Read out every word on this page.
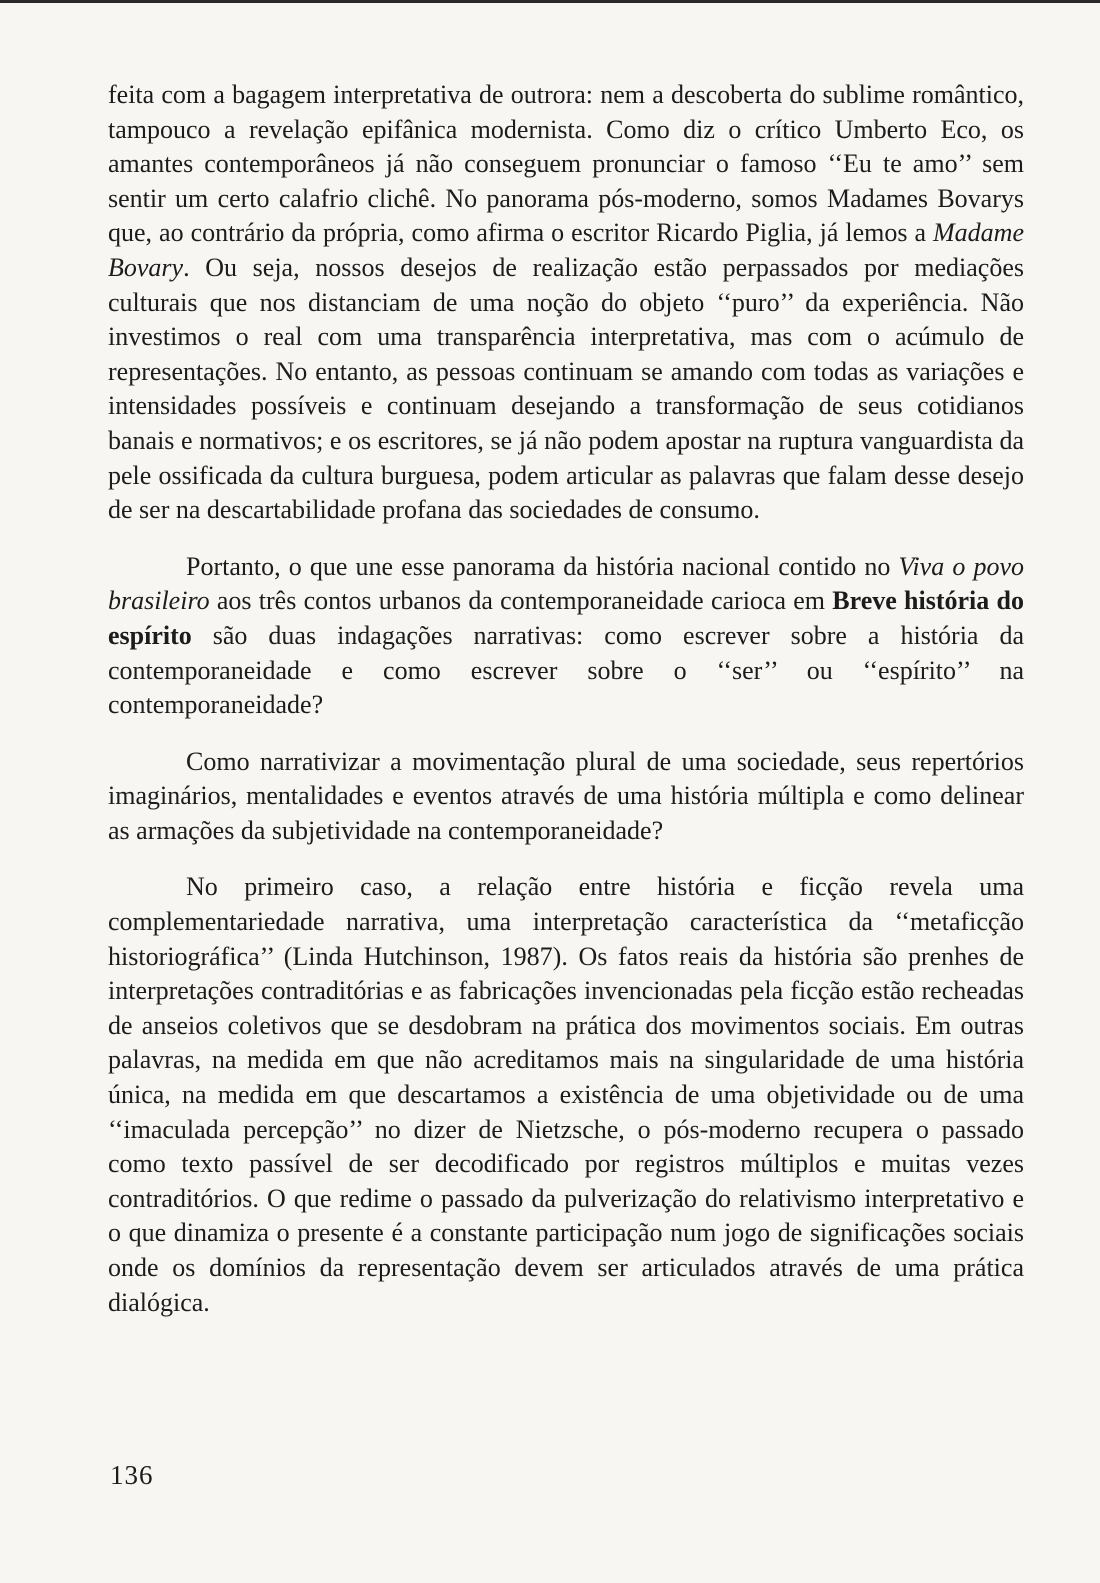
feita com a bagagem interpretativa de outrora: nem a descoberta do sublime romântico, tampouco a revelação epifânica modernista. Como diz o crítico Umberto Eco, os amantes contemporâneos já não conseguem pronunciar o famoso ‘‘Eu te amo’’ sem sentir um certo calafrio clichê. No panorama pós-moderno, somos Madames Bovarys que, ao contrário da própria, como afirma o escritor Ricardo Piglia, já lemos a Madame Bovary. Ou seja, nossos desejos de realização estão perpassados por mediações culturais que nos distanciam de uma noção do objeto ‘‘puro’’ da experiência. Não investimos o real com uma transparência interpretativa, mas com o acúmulo de representações. No entanto, as pessoas continuam se amando com todas as variações e intensidades possíveis e continuam desejando a transformação de seus cotidianos banais e normativos; e os escritores, se já não podem apostar na ruptura vanguardista da pele ossificada da cultura burguesa, podem articular as palavras que falam desse desejo de ser na descartabilidade profana das sociedades de consumo.

Portanto, o que une esse panorama da história nacional contido no Viva o povo brasileiro aos três contos urbanos da contemporaneidade carioca em Breve história do espírito são duas indagações narrativas: como escrever sobre a história da contemporaneidade e como escrever sobre o ‘‘ser’’ ou ‘‘espírito’’ na contemporaneidade?

Como narrativizar a movimentação plural de uma sociedade, seus repertórios imaginários, mentalidades e eventos através de uma história múltipla e como delinear as armações da subjetividade na contemporaneidade?

No primeiro caso, a relação entre história e ficção revela uma complementariedade narrativa, uma interpretação característica da ‘‘metaficção historiográfica’’ (Linda Hutchinson, 1987). Os fatos reais da história são prenhes de interpretações contraditórias e as fabricações invencionadas pela ficção estão recheadas de anseios coletivos que se desdobram na prática dos movimentos sociais. Em outras palavras, na medida em que não acreditamos mais na singularidade de uma história única, na medida em que descartamos a existência de uma objetividade ou de uma ‘‘imaculada percepção’’ no dizer de Nietzsche, o pós-moderno recupera o passado como texto passível de ser decodificado por registros múltiplos e muitas vezes contraditórios. O que redime o passado da pulverização do relativismo interpretativo e o que dinamiza o presente é a constante participação num jogo de significações sociais onde os domínios da representação devem ser articulados através de uma prática dialógica.

136
